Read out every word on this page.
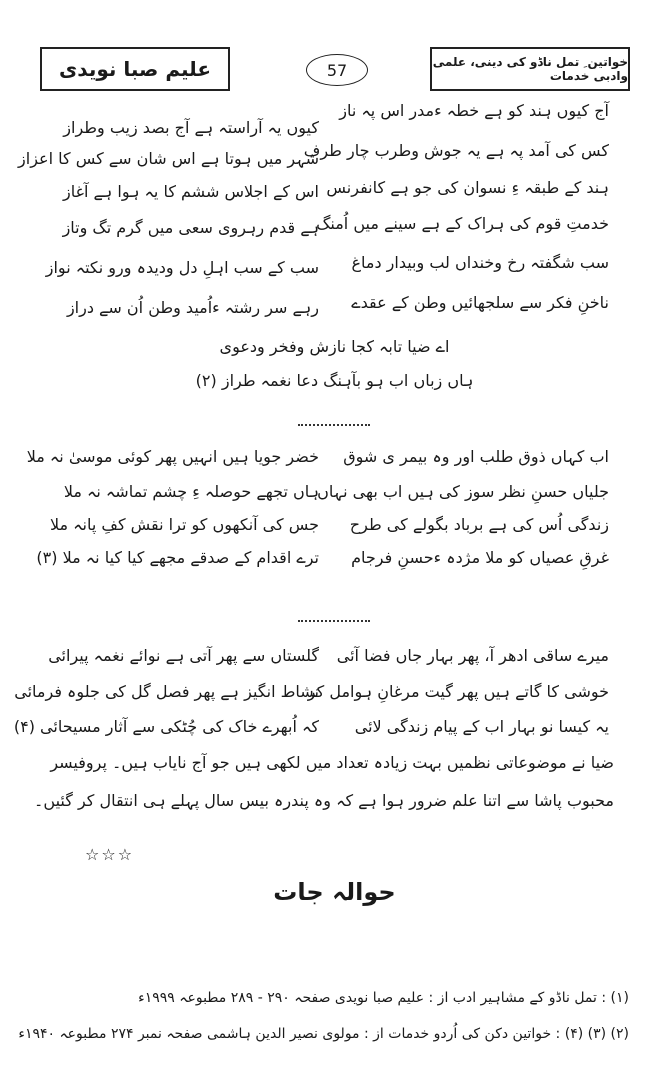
علیم صبا نویدی	57	خواتین ِ تمل ناڈو کی دینی، علمی وادبی خدمات
آج کیوں ہند کو ہے خطہ ءمدر اس پہ ناز
کیوں یہ آراستہ ہے آج بصد زیب وطراز
کس کی آمد پہ ہے یہ جوش وطرب چار طرف
شہر میں ہوتا ہے اس شان سے کس کا اعزاز
ہند کے طبقہ ءِ نسوان کی جو ہے کانفرنس
اس کے اجلاس ششم کا یہ ہوا ہے آغاز
خدمتِ قوم کی ہراک کے ہے سینے میں اُمنگ
ہے قدم رہروی سعی میں گرم تگ وتاز
سب شگفتہ رخ وخنداں لب وبیدار دماغ
سب کے سب اہلِ دل ودیدہ ورو نکتہ نواز
ناخنِ فکر سے سلجھائیں وطن کے عقدے
رہے سر رشتہ ءاُمید وطن اُن سے دراز
اے ضیا تابہ کجا نازش وفخر ودعوی
ہاں زباں اب ہو بآہنگ دعا نغمہ طراز (۲)
اب کہاں ذوق طلب اور وہ بیمر ی شوق
خضر جویا ہیں انہیں پھر کوئی موسیٰ نہ ملا
جلیاں حسنِ نظر سوز کی ہیں اب بھی نہاں
ہاں تجھے حوصلہ ءِ چشم تماشہ نہ ملا
زندگی اُس کی ہے برباد بگولے کی طرح
جس کی آنکھوں کو ترا نقش کفِ پانہ ملا
غرقِ عصیاں کو ملا مژدہ ءحسنِ فرجام
ترے اقدام کے صدقے مجھے کیا کیا نہ ملا (۳)
میرے ساقی ادھر آ، پھر بہار جاں فضا آئی
گلستاں سے پھر آتی ہے نوائے نغمہ پیرائی
خوشی کا گاتے ہیں پھر گیت مرغانِ ہوامل کر
نشاط انگیز ہے پھر فصل گل کی جلوہ فرمائی
یہ کیسا نو بہار اب کے پیام زندگی لائی
کہ اُبھرے خاک کی چُٹکی سے آثار مسیحائی (۴)
ضیا نے موضوعاتی نظمیں بہت زیادہ تعداد میں لکھی ہیں جو آج نایاب ہیں۔ پروفیسر
محبوب پاشا سے اتنا علم ضرور ہوا ہے کہ وہ پندرہ بیس سال پہلے ہی انتقال کر گئیں۔
☆☆☆
حوالہ جات
(۱) : تمل ناڈو کے مشاہیر ادب از : علیم صبا نویدی صفحہ ۲۹۰ - ۲۸۹ مطبوعہ ۱۹۹۹ء
(۲) (۳) (۴) : خواتین دکن کی اُردو خدمات از : مولوی نصیر الدین ہاشمی صفحہ نمبر ۲۷۴ مطبوعہ ۱۹۴۰ء
